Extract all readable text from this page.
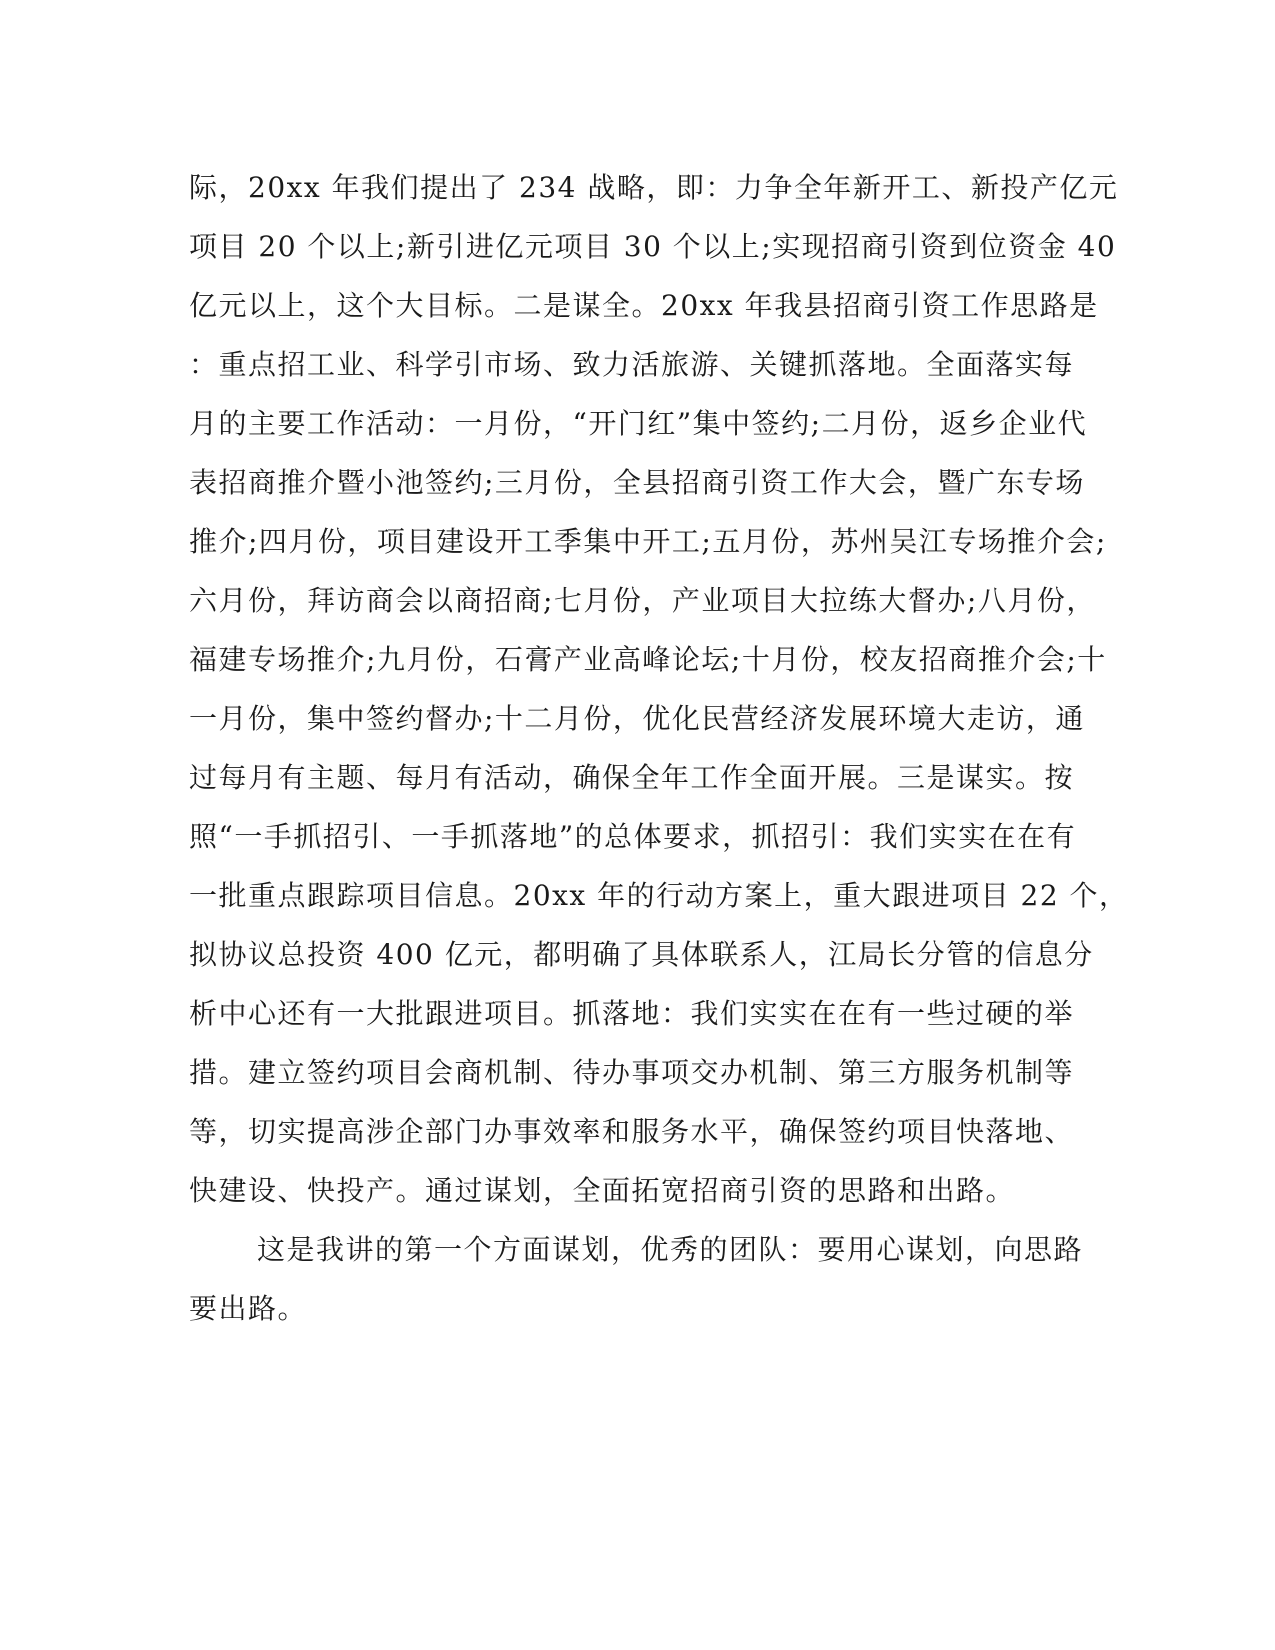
际，20xx 年我们提出了 234 战略，即：力争全年新开工、新投产亿元
项目 20 个以上;新引进亿元项目 30 个以上;实现招商引资到位资金 40
亿元以上，这个大目标。二是谋全。20xx 年我县招商引资工作思路是
：重点招工业、科学引市场、致力活旅游、关键抓落地。全面落实每
月的主要工作活动：一月份，“开门红”集中签约;二月份，返乡企业代
表招商推介暨小池签约;三月份，全县招商引资工作大会，暨广东专场
推介;四月份，项目建设开工季集中开工;五月份，苏州吴江专场推介会;
六月份，拜访商会以商招商;七月份，产业项目大拉练大督办;八月份，
福建专场推介;九月份，石膏产业高峰论坛;十月份，校友招商推介会;十
一月份，集中签约督办;十二月份，优化民营经济发展环境大走访，通
过每月有主题、每月有活动，确保全年工作全面开展。三是谋实。按
照“一手抓招引、一手抓落地”的总体要求，抓招引：我们实实在在有
一批重点跟踪项目信息。20xx 年的行动方案上，重大跟进项目 22 个，
拟协议总投资 400 亿元，都明确了具体联系人，江局长分管的信息分
析中心还有一大批跟进项目。抓落地：我们实实在在有一些过硬的举
措。建立签约项目会商机制、待办事项交办机制、第三方服务机制等
等，切实提高涉企部门办事效率和服务水平，确保签约项目快落地、
快建设、快投产。通过谋划，全面拓宽招商引资的思路和出路。
这是我讲的第一个方面谋划，优秀的团队：要用心谋划，向思路
要出路。
